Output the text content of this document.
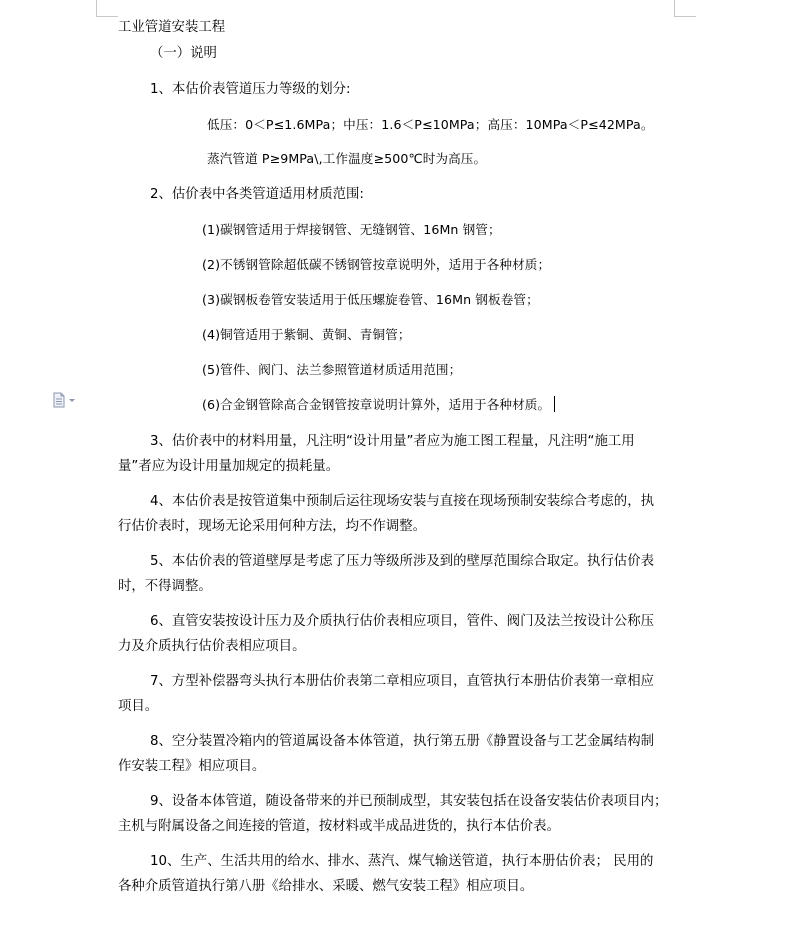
工业管道安装工程
（一）说明
1、本估价表管道压力等级的划分:
低压：0＜P≤1.6MPa；中压：1.6＜P≤10MPa；高压：10MPa＜P≤42MPa。
蒸汽管道 P≥9MPa\,工作温度≥500℃时为高压。
2、估价表中各类管道适用材质范围:
(1)碳钢管适用于焊接钢管、无缝钢管、16Mn 钢管；
(2)不锈钢管除超低碳不锈钢管按章说明外，适用于各种材质；
(3)碳钢板卷管安装适用于低压螺旋卷管、16Mn 钢板卷管；
(4)铜管适用于紫铜、黄铜、青铜管；
(5)管件、阀门、法兰参照管道材质适用范围；
(6)合金钢管除高合金钢管按章说明计算外，适用于各种材质。
3、估价表中的材料用量，凡注明“设计用量”者应为施工图工程量，凡注明“施工用
量”者应为设计用量加规定的损耗量。
4、本估价表是按管道集中预制后运往现场安装与直接在现场预制安装综合考虑的，执
行估价表时，现场无论采用何种方法，均不作调整。
5、本估价表的管道壁厚是考虑了压力等级所涉及到的壁厚范围综合取定。执行估价表
时，不得调整。
6、直管安装按设计压力及介质执行估价表相应项目，管件、阀门及法兰按设计公称压
力及介质执行估价表相应项目。
7、方型补偿器弯头执行本册估价表第二章相应项目，直管执行本册估价表第一章相应
项目。
8、空分装置冷箱内的管道属设备本体管道，执行第五册《静置设备与工艺金属结构制
作安装工程》相应项目。
9、设备本体管道，随设备带来的并已预制成型，其安装包括在设备安装估价表项目内；
主机与附属设备之间连接的管道，按材料或半成品进货的，执行本估价表。
10、生产、生活共用的给水、排水、蒸汽、煤气输送管道，执行本册估价表； 民用的
各种介质管道执行第八册《给排水、采暖、燃气安装工程》相应项目。
